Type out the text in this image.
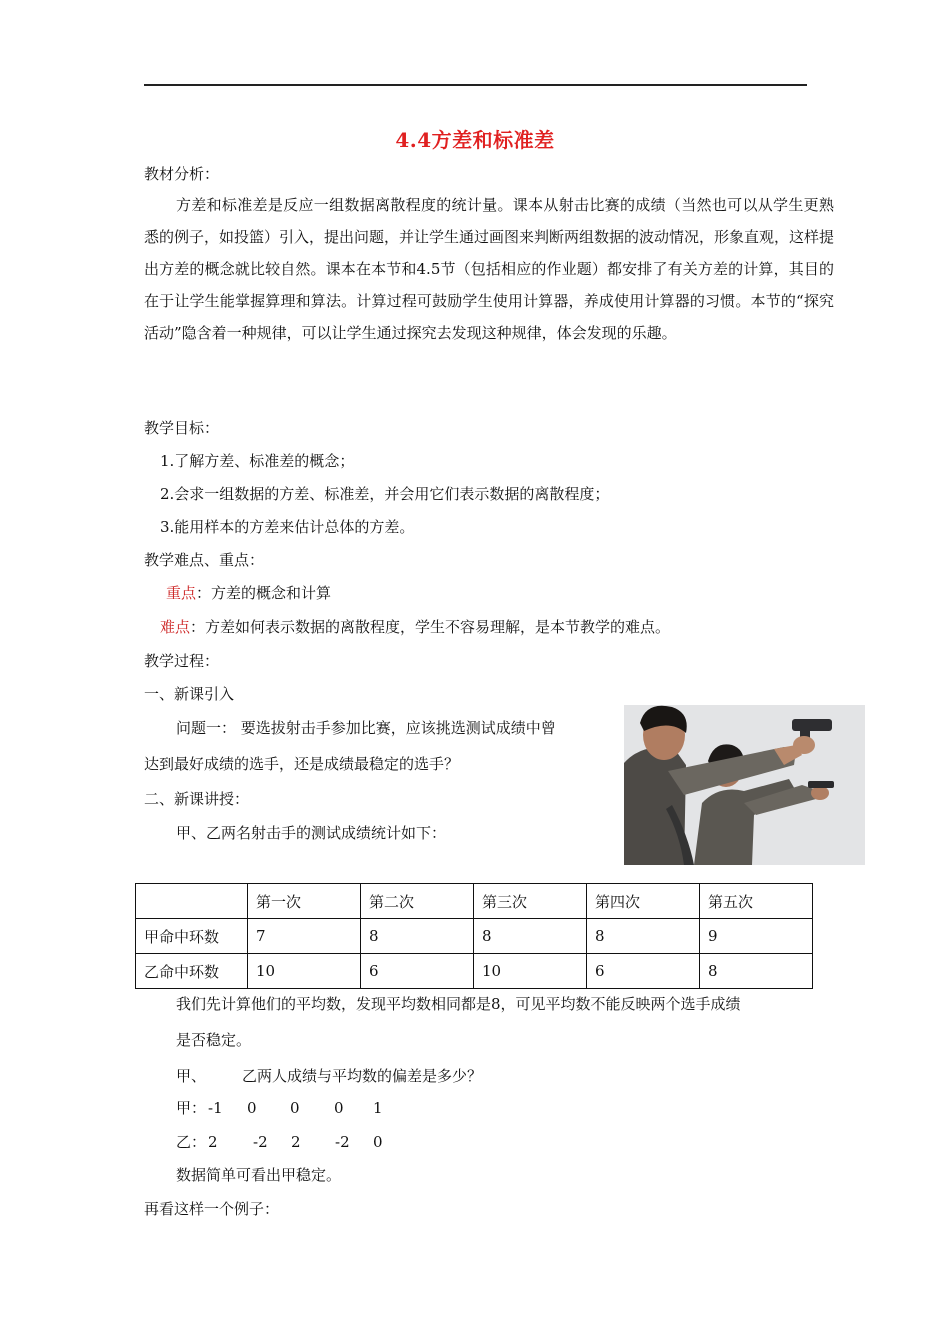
4.4方差和标准差
教材分析：
方差和标准差是反应一组数据离散程度的统计量。课本从射击比赛的成绩（当然也可以从学生更熟悉的例子，如投篮）引入，提出问题，并让学生通过画图来判断两组数据的波动情况，形象直观，这样提出方差的概念就比较自然。课本在本节和4.5节（包括相应的作业题）都安排了有关方差的计算，其目的在于让学生能掌握算理和算法。计算过程可鼓励学生使用计算器，养成使用计算器的习惯。本节的“探究活动”隐含着一种规律，可以让学生通过探究去发现这种规律，体会发现的乐趣。
教学目标：
1.了解方差、标准差的概念；
2.会求一组数据的方差、标准差，并会用它们表示数据的离散程度；
3.能用样本的方差来估计总体的方差。
教学难点、重点：
重点：方差的概念和计算
难点：方差如何表示数据的离散程度，学生不容易理解，是本节教学的难点。
教学过程：
一、新课引入
问题一： 要选拔射击手参加比赛，应该挑选测试成绩中曾
达到最好成绩的选手，还是成绩最稳定的选手？
二、新课讲授：
甲、乙两名射击手的测试成绩统计如下：
	第一次	第二次	第三次	第四次	第五次
甲命中环数	7	8	8	8	9
乙命中环数	10	6	10	6	8
我们先计算他们的平均数，发现平均数相同都是8，可见平均数不能反映两个选手成绩
是否稳定。
甲、 乙两人成绩与平均数的偏差是多少？
甲： -1 0 0 0 1
乙： 2 -2 2 -2 0
数据简单可看出甲稳定。
再看这样一个例子：
